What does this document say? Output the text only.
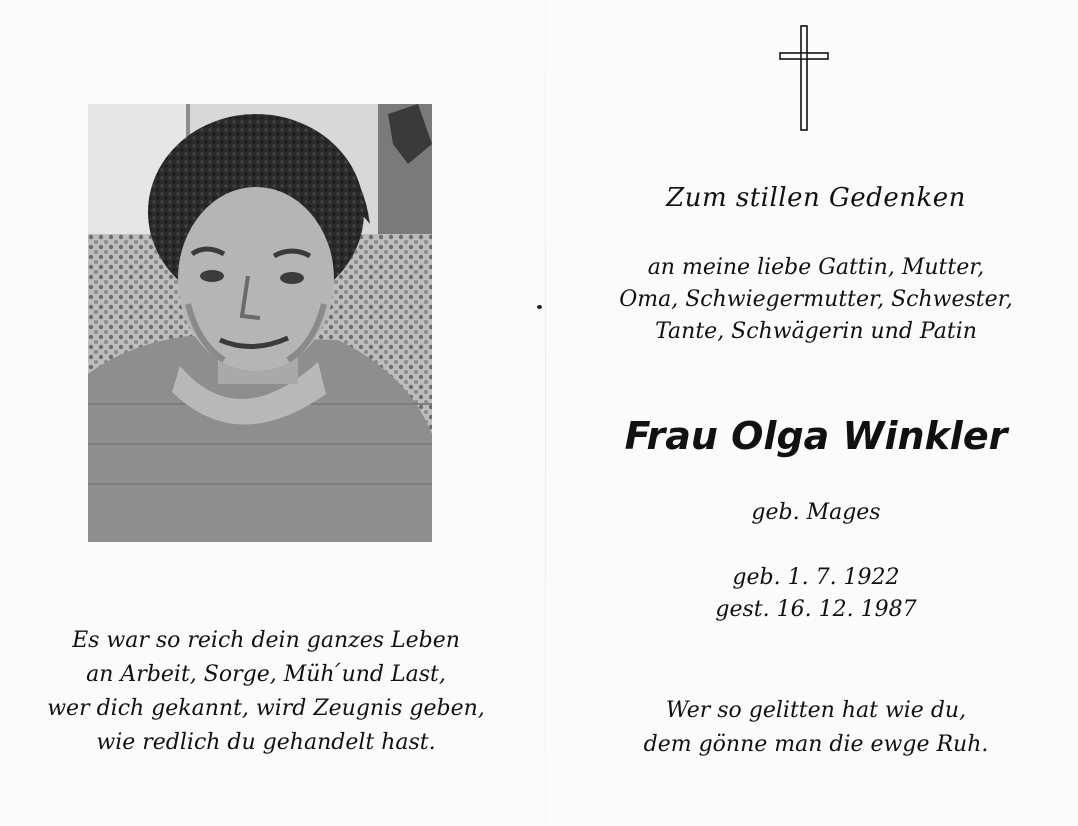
Zum stillen Gedenken
an meine liebe Gattin, Mutter,
Oma, Schwiegermutter, Schwester,
Tante, Schwägerin und Patin
Frau Olga Winkler
geb. Mages
geb. 1. 7. 1922
gest. 16. 12. 1987
Wer so gelitten hat wie du,
dem gönne man die ewge Ruh.
Es war so reich dein ganzes Leben
an Arbeit, Sorge, Müh ́und Last,
wer dich gekannt, wird Zeugnis geben,
wie redlich du gehandelt hast.
